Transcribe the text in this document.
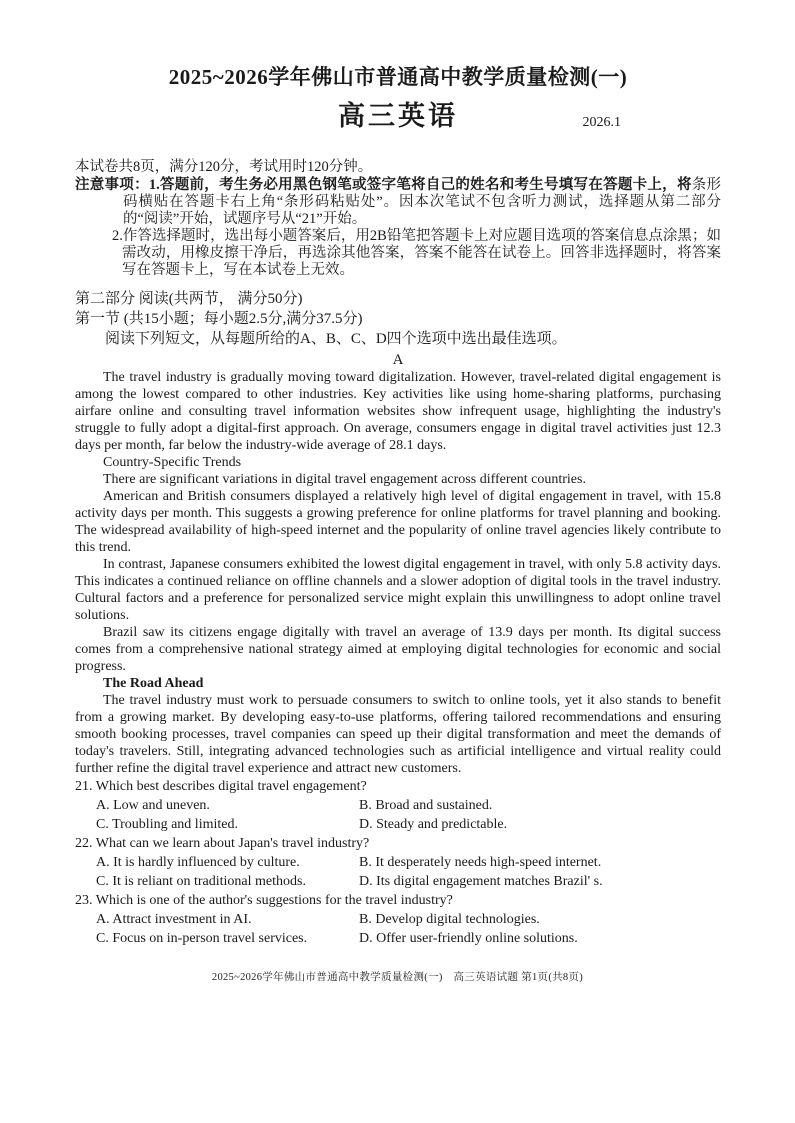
2025~2026学年佛山市普通高中教学质量检测(一)
高三英语	2026.1
本试卷共8页，满分120分，考试用时120分钟。
注意事项：1.答题前，考生务必用黑色钢笔或签字笔将自己的姓名和考生号填写在答题卡上，将条形码横贴在答题卡右上角“条形码粘贴处”。因本次笔试不包含听力测试，选择题从第二部分的“阅读”开始，试题序号从“21”开始。
2.作答选择题时，选出每小题答案后，用2B铅笔把答题卡上对应题目选项的答案信息点涂黑；如需改动，用橡皮擦干净后，再选涂其他答案，答案不能答在试卷上。回答非选择题时，将答案写在答题卡上，写在本试卷上无效。
第二部分 阅读(共两节， 满分50分)
第一节 (共15小题；每小题2.5分,满分37.5分)
阅读下列短文，从每题所给的A、B、C、D四个选项中选出最佳选项。
A

The travel industry is gradually moving toward digitalization. However, travel-related digital engagement is among the lowest compared to other industries. Key activities like using home-sharing platforms, purchasing airfare online and consulting travel information websites show infrequent usage, highlighting the industry's struggle to fully adopt a digital-first approach. On average, consumers engage in digital travel activities just 12.3 days per month, far below the industry-wide average of 28.1 days.

Country-Specific Trends

There are significant variations in digital travel engagement across different countries.

American and British consumers displayed a relatively high level of digital engagement in travel, with 15.8 activity days per month. This suggests a growing preference for online platforms for travel planning and booking. The widespread availability of high-speed internet and the popularity of online travel agencies likely contribute to this trend.

In contrast, Japanese consumers exhibited the lowest digital engagement in travel, with only 5.8 activity days. This indicates a continued reliance on offline channels and a slower adoption of digital tools in the travel industry. Cultural factors and a preference for personalized service might explain this unwillingness to adopt online travel solutions.

Brazil saw its citizens engage digitally with travel an average of 13.9 days per month. Its digital success comes from a comprehensive national strategy aimed at employing digital technologies for economic and social progress.

The Road Ahead

The travel industry must work to persuade consumers to switch to online tools, yet it also stands to benefit from a growing market. By developing easy-to-use platforms, offering tailored recommendations and ensuring smooth booking processes, travel companies can speed up their digital transformation and meet the demands of today's travelers. Still, integrating advanced technologies such as artificial intelligence and virtual reality could further refine the digital travel experience and attract new customers.

21. Which best describes digital travel engagement?
A. Low and uneven.	B. Broad and sustained.
C. Troubling and limited.	D. Steady and predictable.
22. What can we learn about Japan's travel industry?
A. It is hardly influenced by culture.	B. It desperately needs high-speed internet.
C. It is reliant on traditional methods.	D. Its digital engagement matches Brazil' s.
23. Which is one of the author's suggestions for the travel industry?
A. Attract investment in AI.	B. Develop digital technologies.
C. Focus on in-person travel services.	D. Offer user-friendly online solutions.
2025~2026学年佛山市普通高中教学质量检测(一)　高三英语试题 第1页(共8页)
